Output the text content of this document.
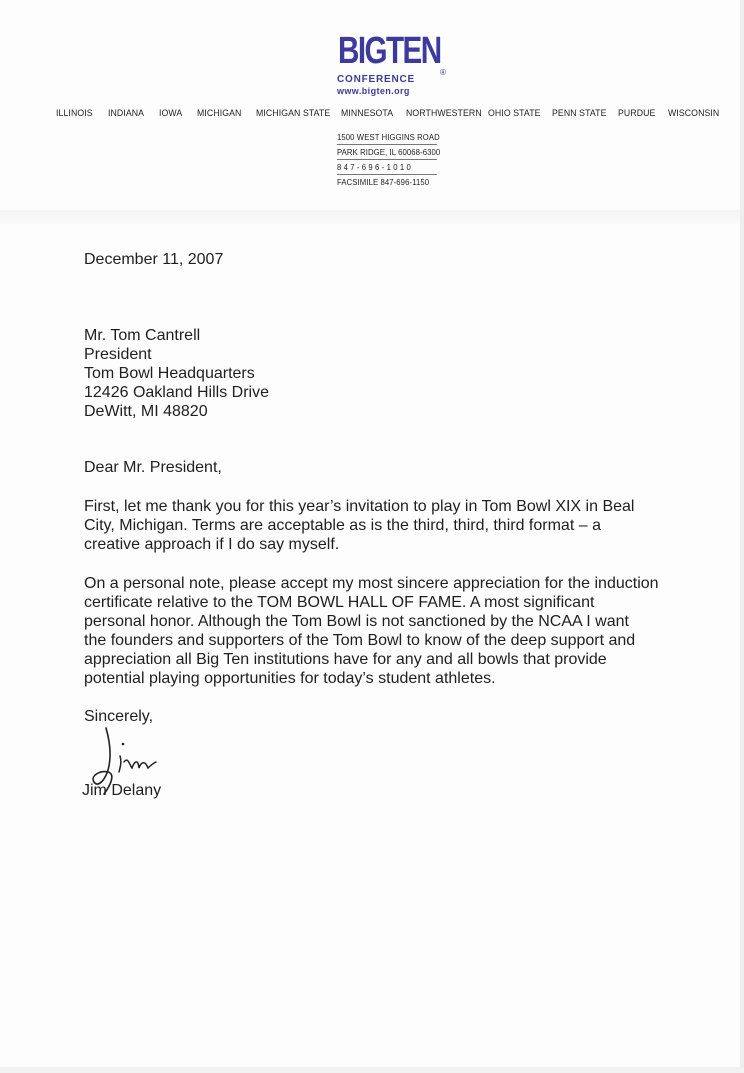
BIGTEN
®
CONFERENCE
www.bigten.org
ILLINOIS INDIANA IOWA MICHIGAN MICHIGAN STATE MINNESOTA NORTHWESTERN OHIO STATE PENN STATE PURDUE WISCONSIN
1500 WEST HIGGINS ROAD
PARK RIDGE, IL 60068-6300
8 4 7 - 6 9 6 - 1 0 1 0
FACSIMILE 847-696-1150
December 11, 2007
Mr. Tom Cantrell
President
Tom Bowl Headquarters
12426 Oakland Hills Drive
DeWitt, MI 48820
Dear Mr. President,
First, let me thank you for this year’s invitation to play in Tom Bowl XIX in Beal
City, Michigan. Terms are acceptable as is the third, third, third format – a
creative approach if I do say myself.
On a personal note, please accept my most sincere appreciation for the induction
certificate relative to the TOM BOWL HALL OF FAME. A most significant
personal honor. Although the Tom Bowl is not sanctioned by the NCAA I want
the founders and supporters of the Tom Bowl to know of the deep support and
appreciation all Big Ten institutions have for any and all bowls that provide
potential playing opportunities for today’s student athletes.
Sincerely,
Jim Delany
